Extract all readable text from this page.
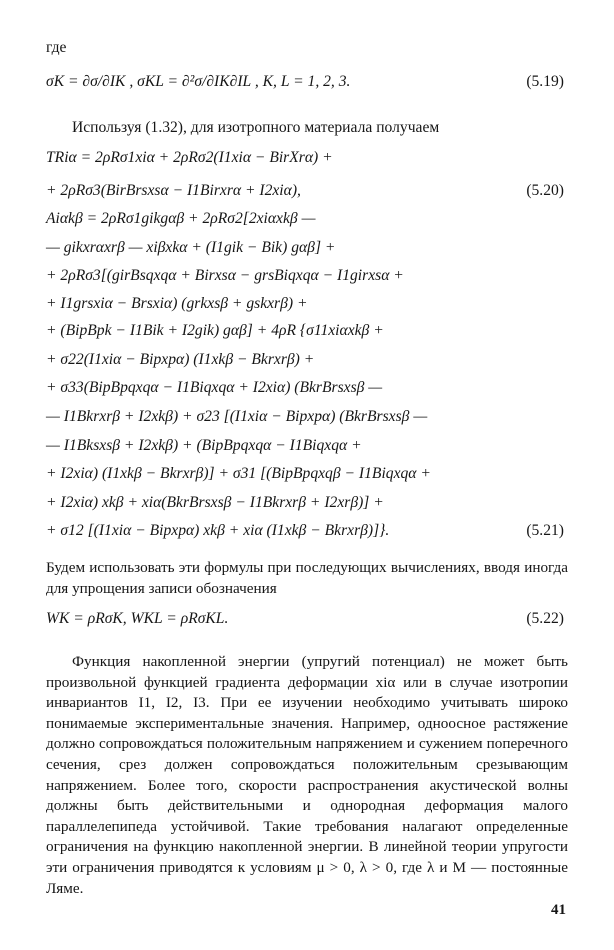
где
σK = ∂σ/∂IK , σKL = ∂²σ/∂IK∂IL , K, L = 1, 2, 3.	(5.19)
Используя (1.32), для изотропного материала получаем
TRiα = 2ρRσ1xiα + 2ρRσ2(I1xiα − BirXrα) +
+ 2ρRσ3(BirBrsxsα − I1Birxrα + I2xiα),	(5.20)
Aiαkβ = 2ρRσ1gikgαβ + 2ρRσ2[2xiαxkβ —
— gikxrαxrβ — xiβxkα + (I1gik − Bik) gαβ] +
+ 2ρRσ3[(girBsqxqα + Birxsα − grsBiqxqα − I1girxsα +
+ I1grsxiα − Brsxiα) (grkxsβ + gskxrβ) +
+ (BipBpk − I1Bik + I2gik) gαβ] + 4ρR {σ11xiαxkβ +
+ σ22(I1xiα − Bipxpα) (I1xkβ − Bkrxrβ) +
+ σ33(BipBpqxqα − I1Biqxqα + I2xiα) (BkrBrsxsβ —
— I1Bkrxrβ + I2xkβ) + σ23 [(I1xiα − Bipxpα) (BkrBrsxsβ —
— I1Bksxsβ + I2xkβ) + (BipBpqxqα − I1Biqxqα +
+ I2xiα) (I1xkβ − Bkrxrβ)] + σ31 [(BipBpqxqβ − I1Biqxqα +
+ I2xiα) xkβ + xiα(BkrBrsxsβ − I1Bkrxrβ + I2xrβ)] +
+ σ12 [(I1xiα − Bipxpα) xkβ + xiα (I1xkβ − Bkrxrβ)]}.	(5.21)

Будем использовать эти формулы при последующих вычислениях, вводя иногда для упрощения записи обозначения

WK = ρRσK, WKL = ρRσKL.	(5.22)

Функция накопленной энергии (упругий потенциал) не может быть произвольной функцией градиента деформации xiα или в случае изотропии инвариантов I1, I2, I3. При ее изучении необходимо учитывать широко понимаемые экспериментальные значения. Например, одноосное растяжение должно сопровождаться положительным напряжением и сужением поперечного сечения, срез должен сопровождаться положительным срезывающим напряжением. Более того, скорости распространения акустической волны должны быть действительными и однородная деформация малого параллелепипеда устойчивой. Такие требования налагают определенные ограничения на функцию накопленной энергии. В линейной теории упругости эти ограничения приводятся к условиям μ > 0, λ > 0, где λ и M — постоянные Ляме.

41
